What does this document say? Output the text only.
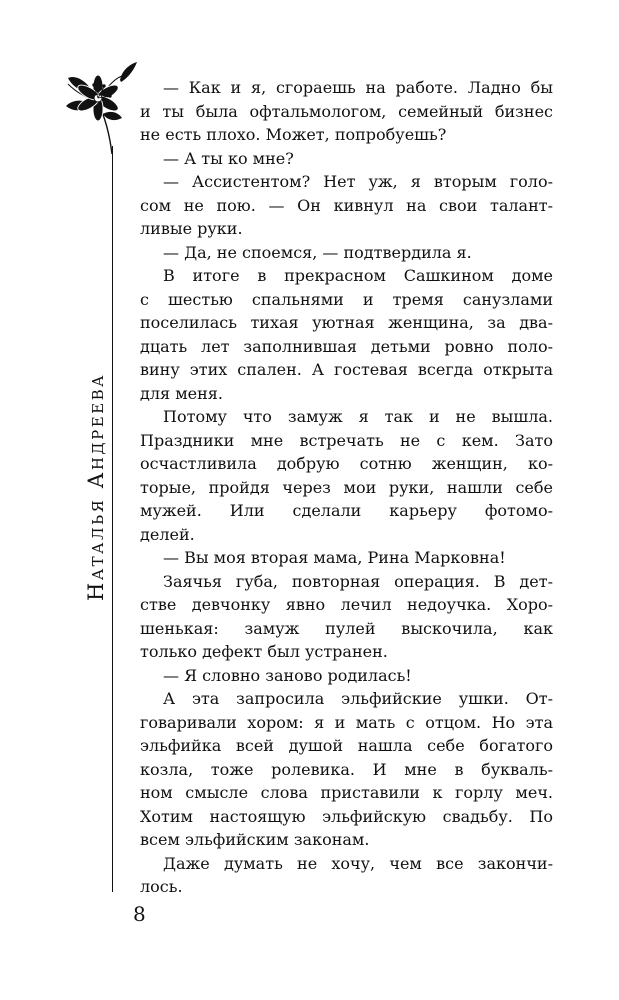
Наталья Андреева
— Как и я, сгораешь на работе. Ладно бы
и ты была офтальмологом, семейный бизнес
не есть плохо. Может, попробуешь?
— А ты ко мне?
— Ассистентом? Нет уж, я вторым голо-
сом не пою. — Он кивнул на свои талант-
ливые руки.
— Да, не споемся, — подтвердила я.
В итоге в прекрасном Сашкином доме
с шестью спальнями и тремя санузлами
поселилась тихая уютная женщина, за два-
дцать лет заполнившая детьми ровно поло-
вину этих спален. А гостевая всегда открыта
для меня.
Потому что замуж я так и не вышла.
Праздники мне встречать не с кем. Зато
осчастливила добрую сотню женщин, ко-
торые, пройдя через мои руки, нашли себе
мужей. Или сделали карьеру фотомо-
делей.
— Вы моя вторая мама, Рина Марковна!
Заячья губа, повторная операция. В дет-
стве девчонку явно лечил недоучка. Хоро-
шенькая: замуж пулей выскочила, как
только дефект был устранен.
— Я словно заново родилась!
А эта запросила эльфийские ушки. От-
говаривали хором: я и мать с отцом. Но эта
эльфийка всей душой нашла себе богатого
козла, тоже ролевика. И мне в букваль-
ном смысле слова приставили к горлу меч.
Хотим настоящую эльфийскую свадьбу. По
всем эльфийским законам.
Даже думать не хочу, чем все закончи-
лось.
8
